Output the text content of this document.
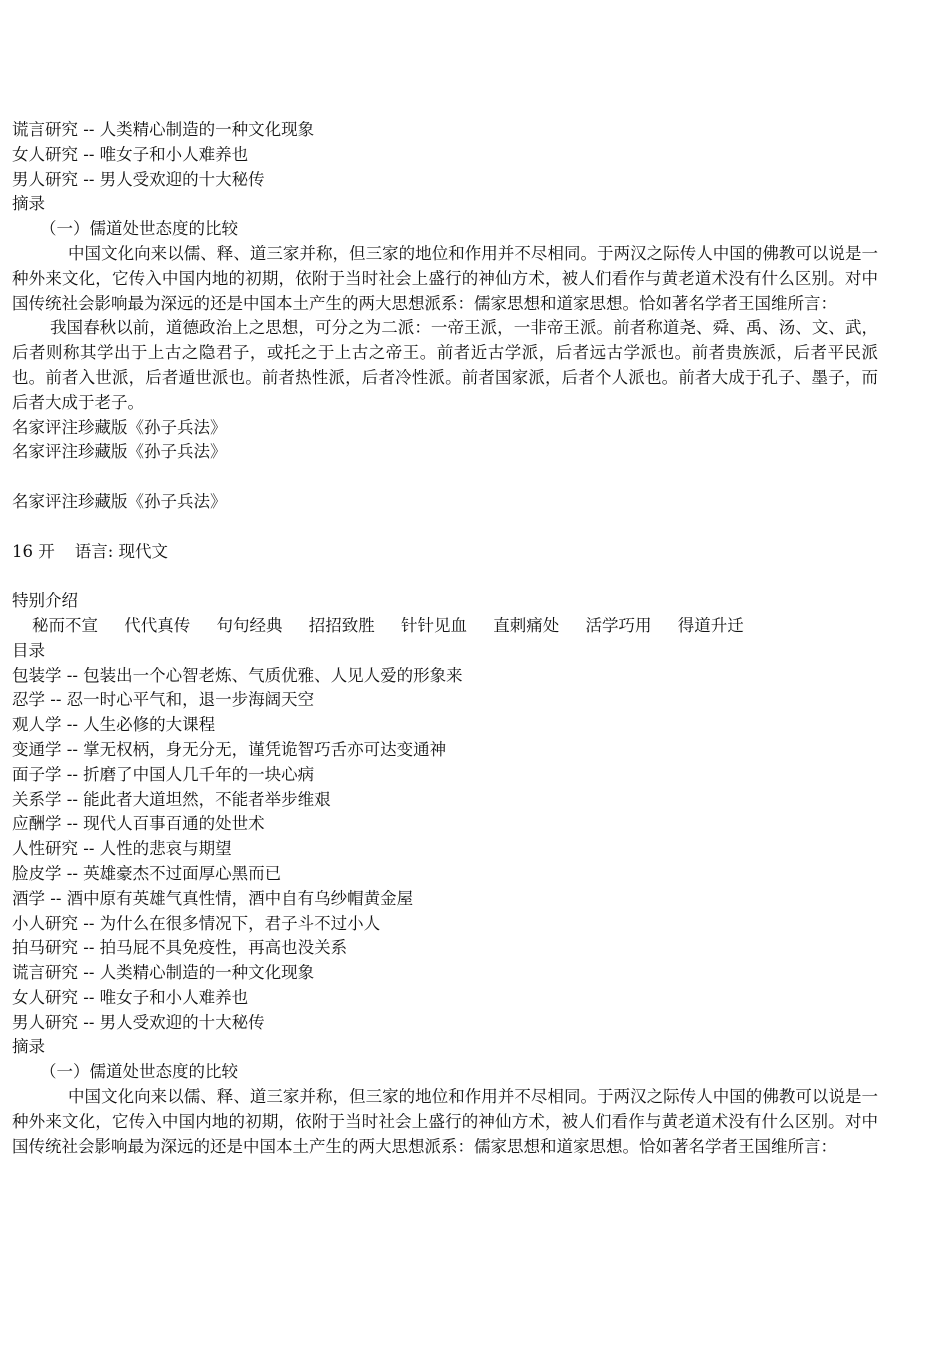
谎言研究 -- 人类精心制造的一种文化现象
女人研究 -- 唯女子和小人难养也
男人研究 -- 男人受欢迎的十大秘传
摘录
（一）儒道处世态度的比较
中国文化向来以儒、释、道三家并称，但三家的地位和作用并不尽相同。于两汉之际传人中国的佛教可以说是一种外来文化，它传入中国内地的初期，依附于当时社会上盛行的神仙方术，被人们看作与黄老道术没有什么区别。对中国传统社会影响最为深远的还是中国本土产生的两大思想派系：儒家思想和道家思想。恰如著名学者王国维所言：
我国春秋以前，道德政治上之思想，可分之为二派：一帝王派，一非帝王派。前者称道尧、舜、禹、汤、文、武，后者则称其学出于上古之隐君子，或托之于上古之帝王。前者近古学派，后者远古学派也。前者贵族派，后者平民派也。前者入世派，后者遁世派也。前者热性派，后者冷性派。前者国家派，后者个人派也。前者大成于孔子、墨子，而后者大成于老子。
名家评注珍藏版《孙子兵法》
名家评注珍藏版《孙子兵法》
名家评注珍藏版《孙子兵法》
16 开 语言: 现代文
特别介绍
秘而不宣 代代真传 句句经典 招招致胜 针针见血 直刺痛处 活学巧用 得道升迁
目录
包装学 -- 包装出一个心智老炼、气质优雅、人见人爱的形象来
忍学 -- 忍一时心平气和，退一步海阔天空
观人学 -- 人生必修的大课程
变通学 -- 掌无权柄，身无分无，谨凭诡智巧舌亦可达变通神
面子学 -- 折磨了中国人几千年的一块心病
关系学 -- 能此者大道坦然，不能者举步维艰
应酬学 -- 现代人百事百通的处世术
人性研究 -- 人性的悲哀与期望
脸皮学 -- 英雄豪杰不过面厚心黑而已
酒学 -- 酒中原有英雄气真性情，酒中自有乌纱帽黄金屋
小人研究 -- 为什么在很多情况下，君子斗不过小人
拍马研究 -- 拍马屁不具免疫性，再高也没关系
谎言研究 -- 人类精心制造的一种文化现象
女人研究 -- 唯女子和小人难养也
男人研究 -- 男人受欢迎的十大秘传
摘录
（一）儒道处世态度的比较
中国文化向来以儒、释、道三家并称，但三家的地位和作用并不尽相同。于两汉之际传人中国的佛教可以说是一种外来文化，它传入中国内地的初期，依附于当时社会上盛行的神仙方术，被人们看作与黄老道术没有什么区别。对中国传统社会影响最为深远的还是中国本土产生的两大思想派系：儒家思想和道家思想。恰如著名学者王国维所言：
